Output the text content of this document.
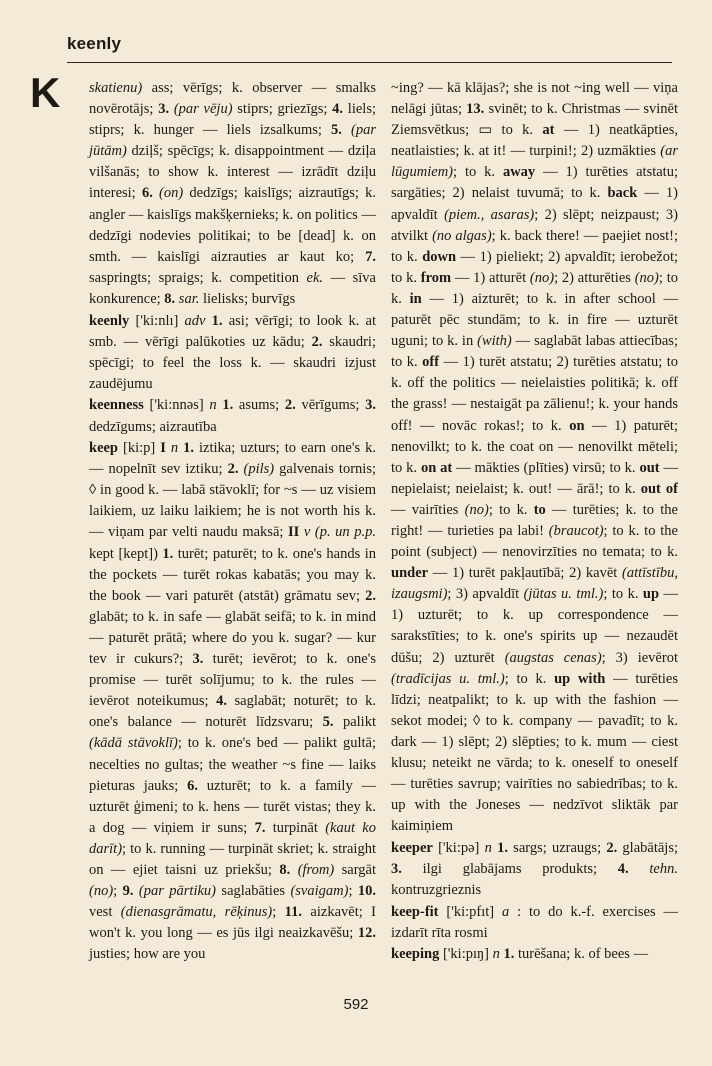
keenly
K skatienu) ass; vērīgs; k. observer — smalks novērotājs; 3. (par vēju) stiprs; griezīgs; 4. liels; stiprs; k. hunger — liels izsalkums; 5. (par jūtām) dziļš; spēcīgs; k. disappointment — dziļa vilšanās; to show k. interest — izrādīt dziļu interesi; 6. (on) dedzīgs; kaislīgs; aizrautīgs; k. angler — kaislīgs makšķernieks; k. on politics — dedzīgi nodevies politikai; to be [dead] k. on smth. — kaislīgi aizrauties ar kaut ko; 7. saspringts; spraigs; k. competition ek. — sīva konkurence; 8. sar. lielisks; burvīgs

keenly ['ki:nlı] adv 1. asi; vērīgi; to look k. at smb. — vērīgi palūkoties uz kādu; 2. skaudri; spēcīgi; to feel the loss k. — skaudri izjust zaudējumu

keenness ['ki:nnəs] n 1. asums; 2. vērīgums; 3. dedzīgums; aizrautība

keep [ki:p] I n 1. iztika; uzturs; to earn one's k. — nopelnīt sev iztiku; 2. (pils) galvenais tornis; ◊ in good k. — labā stāvoklī; for ~s — uz visiem laikiem, uz laiku laikiem; he is not worth his k. — viņam par velti naudu maksā; II v (p. un p.p. kept [kept]) 1. turēt; paturēt; to k. one's hands in the pockets — turēt rokas kabatās; you may k. the book — vari paturēt (atstāt) grāmatu sev; 2. glabāt; to k. in safe — glabāt seifā; to k. in mind — paturēt prātā; where do you k. sugar? — kur tev ir cukurs?; 3. turēt; ievērot; to k. one's promise — turēt solījumu; to k. the rules — ievērot noteikumus; 4. saglabāt; noturēt; to k. one's balance — noturēt līdzsvaru; 5. palikt (kādā stāvoklī); to k. one's bed — palikt gultā; necelties no gultas; the weather ~s fine — laiks pieturas jauks; 6. uzturēt; to k. a family — uzturēt ģimeni; to k. hens — turēt vistas; they k. a dog — viņiem ir suns; 7. turpināt (kaut ko darīt); to k. running — turpināt skriet; k. straight on — ejiet taisni uz priekšu; 8. (from) sargāt (no); 9. (par pārtiku) saglabāties (svaigam); 10. vest (dienasgrāmatu, rēķinus); 11. aizkavēt; I won't k. you long — es jūs ilgi neaizkavēšu; 12. justies; how are you

~ing? — kā klājas?; she is not ~ing well — viņa nelāgi jūtas; 13. svinēt; to k. Christmas — svinēt Ziemsvētkus; ▭ to k. at — 1) neatkāpties, neatlaisties; k. at it! — turpini!; 2) uzmākties (ar lūgumiem); to k. away — 1) turēties atstatu; sargāties; 2) nelaist tuvumā; to k. back — 1) apvaldīt (piem., asaras); 2) slēpt; neizpaust; 3) atvilkt (no algas); k. back there! — paejiet nost!; to k. down — 1) pieliekt; 2) apvaldīt; ierobežot; to k. from — 1) atturēt (no); 2) atturēties (no); to k. in — 1) aizturēt; to k. in after school — paturēt pēc stundām; to k. in fire — uzturēt uguni; to k. in (with) — saglabāt labas attiecības; to k. off — 1) turēt atstatu; 2) turēties atstatu; to k. off the politics — neielaisties politikā; k. off the grass! — nestaigāt pa zālienu!; k. your hands off! — novāc rokas!; to k. on — 1) paturēt; nenovilkt; to k. the coat on — nenovilkt mēteli; to k. on at — mākties (plīties) virsū; to k. out — nepielaist; neielaist; k. out! — ārā!; to k. out of — vairīties (no); to k. to — turēties; k. to the right! — turieties pa labi! (braucot); to k. to the point (subject) — nenovirzīties no temata; to k. under — 1) turēt pakļautībā; 2) kavēt (attīstību, izaugsmi); 3) apvaldīt (jūtas u. tml.); to k. up — 1) uzturēt; to k. up correspondence — sarakstīties; to k. one's spirits up — nezaudēt dūšu; 2) uzturēt (augstas cenas); 3) ievērot (tradīcijas u. tml.); to k. up with — turēties līdzi; neatpalikt; to k. up with the fashion — sekot modei; ◊ to k. company — pavadīt; to k. dark — 1) slēpt; 2) slēpties; to k. mum — ciest klusu; neteikt ne vārda; to k. oneself to oneself — turēties savrup; vairīties no sabiedrības; to k. up with the Joneses — nedzīvot sliktāk par kaimiņiem

keeper ['ki:pə] n 1. sargs; uzraugs; 2. glabātājs; 3. ilgi glabājams produkts; 4. tehn. kontruzgrieznis

keep-fit ['ki:pfıt] a : to do k.-f. exercises — izdarīt rīta rosmi

keeping ['ki:pıŋ] n 1. turēšana; k. of bees —

592
